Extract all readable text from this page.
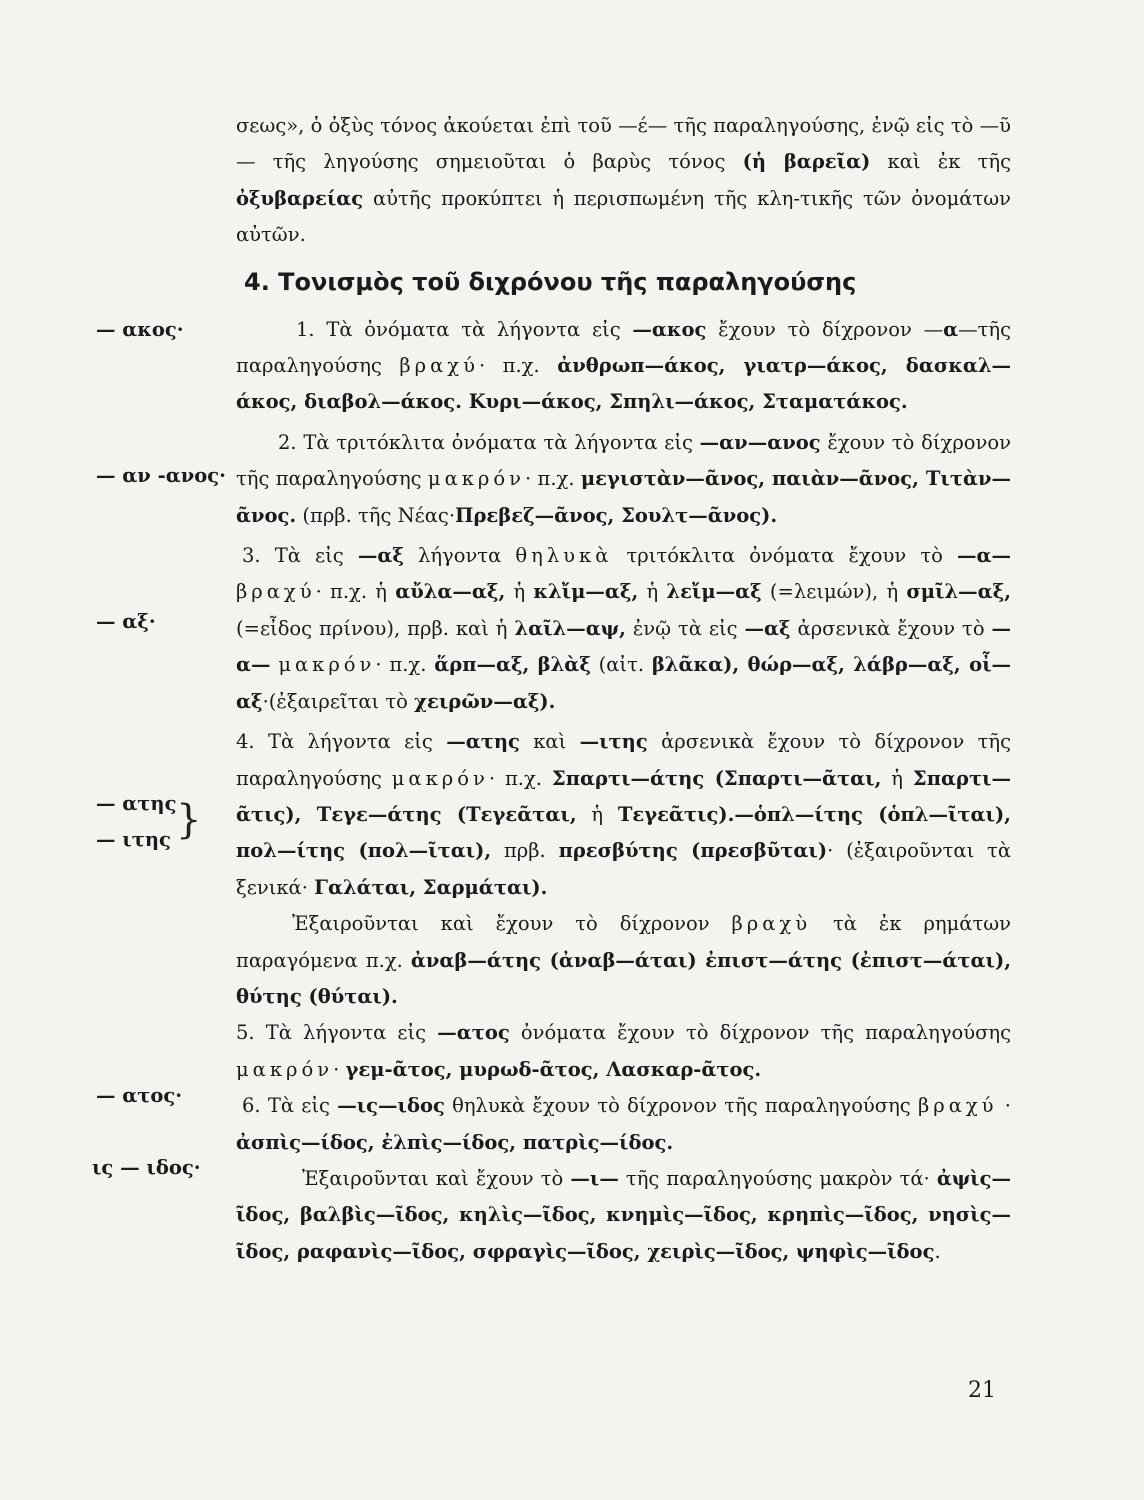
— ακος·
— αν -ανος·
— αξ·
— ατης
— ιτης }
— ατος·
ις — ιδος·

σεως», ὁ ὀξὺς τόνος ἀκούεται ἐπὶ τοῦ —έ— τῆς παραληγούσης, ἐνῷ εἰς τὸ —ῦ— τῆς ληγούσης σημειοῦται ὁ βαρὺς τόνος (ἡ βαρεῖα) καὶ ἐκ τῆς ὀξυβαρείας αὐτῆς προκύπτει ἡ περισπωμένη τῆς κλη-τικῆς τῶν ὀνομάτων αὐτῶν.

4. Τονισμὸς τοῦ διχρόνου τῆς παραληγούσης

1. Τὰ ὀνόματα τὰ λήγοντα εἰς —ακος ἔχουν τὸ δίχρονον —α—τῆς παραληγούσης βραχύ· π.χ. ἀνθρωπ—άκος, γιατρ—άκος, δασκαλ—άκος, διαβολ—άκος. Κυρι—άκος, Σπηλι—άκος, Σταματάκος.

2. Τὰ τριτόκλιτα ὀνόματα τὰ λήγοντα εἰς —αν—ανος ἔχουν τὸ δίχρονον τῆς παραληγούσης μακρόν· π.χ. μεγιστὰν—ᾶνος, παιὰν—ᾶνος, Τιτὰν—ᾶνος. (πρβ. τῆς Νέας·Πρεβεζ—ᾶνος, Σουλτ—ᾶνος).

3. Τὰ εἰς —αξ λήγοντα θηλυκὰ τριτόκλιτα ὀνόματα ἔχουν τὸ —α— βραχύ· π.χ. ἡ αὔλα—αξ, ἡ κλἴμ—αξ, ἡ λεἴμ—αξ (=λειμών), ἡ σμῖλ—αξ, (=εἶδος πρίνου), πρβ. καὶ ἡ λαῖλ—αψ, ἐνῷ τὰ εἰς —αξ ἀρσενικὰ ἔχουν τὸ —α— μακρόν· π.χ. ἅρπ—αξ, βλὰξ (αἰτ. βλᾶκα), θώρ—αξ, λάβρ—αξ, οἶ—αξ·(ἐξαιρεῖται τὸ χειρῶν—αξ).

4. Τὰ λήγοντα εἰς —ατης καὶ —ιτης ἀρσενικὰ ἔχουν τὸ δίχρονον τῆς παραληγούσης μακρόν· π.χ. Σπαρτι—άτης (Σπαρτι—ᾶται, ἡ Σπαρτι—ᾶτις), Τεγε—άτης (Τεγεᾶται, ἡ Τεγεᾶτις).—ὁπλ—ίτης (ὁπλ—ῖται), πολ—ίτης (πολ—ῖται), πρβ. πρεσβύτης (πρεσβῦται)· (ἐξαιροῦνται τὰ ξενικά· Γαλάται, Σαρμάται).

Ἐξαιροῦνται καὶ ἔχουν τὸ δίχρονον βραχὺ τὰ ἐκ ρημάτων παραγόμενα π.χ. ἀναβ—άτης (ἀναβ—άται) ἐπιστ—άτης (ἐπιστ—άται), θύτης (θύται).

5. Τὰ λήγοντα εἰς —ατος ὀνόματα ἔχουν τὸ δίχρονον τῆς παραληγούσης μακρόν· γεμ-ᾶτος, μυρωδ-ᾶτος, Λασκαρ-ᾶτος.

6. Τὰ εἰς —ις—ιδος θηλυκὰ ἔχουν τὸ δίχρονον τῆς παραληγούσης βραχύ · ἀσπὶς—ίδος, ἐλπὶς—ίδος, πατρὶς—ίδος.

Ἐξαιροῦνται καὶ ἔχουν τὸ —ι— τῆς παραληγούσης μακρὸν τά· ἀψὶς—ῖδος, βαλβὶς—ῖδος, κηλὶς—ῖδος, κνημὶς—ῖδος, κρηπὶς—ῖδος, νησὶς—ῖδος, ραφανὶς—ῖδος, σφραγὶς—ῖδος, χειρὶς—ῖδος, ψηφὶς—ῖδος.

21
